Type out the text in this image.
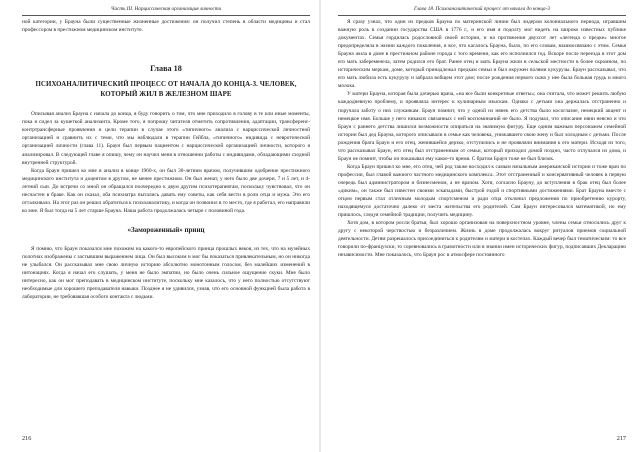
Часть III. Нарциссическая организация личности

ной категории, у Брауна были существенные жизненные достижения: он получил степень в области медицины и стал профессором в престижном медицинском институте.

Глава 18
ПСИХОАНАЛИТИЧЕСКИЙ ПРОЦЕСС ОТ НАЧАЛА ДО КОНЦА-3. ЧЕЛОВЕК, КОТОРЫЙ ЖИЛ В ЖЕЛЕЗНОМ ШАРЕ

Описывая анализ Брауна с начала до конца, я буду говорить о том, что мне приходило в голову в те или иные моменты, пока я сидел за кушеткой анализанта. Кроме того, я попрошу читателя отметить сопротивления, адаптации, трансференс-контртрансферные проявления и цели терапии в случае этого «типичного» анализа с нарциссической личностной организацией и сравнить их с теми, что мы наблюдали в терапии Гейбла, «типичного» индивида с невротической организацией личности (глава 11). Браун был первым пациентом с нарциссической организацией личности, которого я анализировал. В следующей главе я опишу, чему он научил меня в отношении работы с индивидами, обладающими сходной внутренней структурой.

Когда Браун пришел ко мне в анализ в конце 1960-х, он был 30-летним врачом, получившим одобрение престижного медицинского института и доцентом в другом, не менее престижном. Он был женат, у него было две дочери, 7 и 5 лет, и 4-летний сын. До встречи со мной он обращался поочередно к двум другим психотерапевтам, поскольку чувствовал, что он несчастен в браке. Как он сказал, оба психиатра пытались давать ему советы, как себя вести в роли отца и мужа. Это его отталкивало. На этот раз он решил обратиться к психоаналитику, и когда он позвонил в то место, где я работал, его направили ко мне. Я был тогда на 5 лет старше Брауна. Наша работа продолжалась четыре с половиной года.

«Замороженный» принц

Я помню, что Браун показался мне похожим на какого-то европейского принца прошлых веков, из тех, что на музейных полотнах изображены с застывшим выражением лица. Он был высоким и мог бы показаться привлекательным, но он никогда не улыбался. Он рассказывал мне свою личную историю абсолютно монотонным голосом, без малейших изменений в интонациях. Когда я начал его слушать, у меня не было эмпатии, но было очень сильное ощущение скуки. Мне было интересно, как он мог преподавать в медицинском институте, поскольку мне казалось, что у него полностью отсутствуют необходимые для хорошего преподавателя навыки. Позднее я не удивился, узнав, что его основной функцией была работа в лаборатории, не требовавшая особого контакта с людьми.

216
Глава 18. Психоаналитический процесс от начала до конца-3

Я сразу узнал, что один из предков Брауна по материнской линии был лидером колониального периода, игравшим важную роль в создании государства США в 1776 г., и его имя я подолгу мог видеть на широко известных публике документах. Семья гордилась родословной своей истории, и на протяжении двухсот лет «легенда о предке» многое предопределяла в жизни каждого поколения, и все, что касалось Брауна, было, по его словам, взаимосвязано с этим. Семья Брауна жила в доме в престижном районе города с того времени, как его исполнился год. Вскоре после переезда в этот дом его мать забеременела, затем родился его брат. Ранее отец и мать Брауна жили в сельской местности в более скромном, по историческим меркам, доме, который принадлежал предкам семьи и был окружен полями кукурузы. Браун рассказывал, что его мать любила есть кукурузу и забрала вобщем этот дом; после рождения первого сына у нее была больная грудь и много молока.

У матери Брауна, которая была дочерью врача, «на все были конкретные ответы»; она считала, что может решить любую каждодневную проблему, и проявляла интерес к кулинарным изыскам. Однако с детьми она держалась отстраненно и поручала заботу о них служанкам. Браун помнит, что у одной из нянек его детства было косоглазие, немецкий акцент и немецкое имя. Больше у него никаких связанных с ней воспоминаний не было. Я подумал, что описание няни неясно и что Браун с раннего детства лишился возможности опираться на значимую фигуру. Еще одним важным персонажем семейной истории был дед Брауна, которого описывали в семье как человека, унижавшего свою жену и был холодным с детьми. После рождения брата Браун и его отец, женившейся дерзко, отступились и не проявляли внимания к его матери. Исходя из того, что рассказывал Браун, его отец был отстраненным от семьи, который приходил домой поздно, часто отлучался из дома, и Браун не помнит, чтобы он показывал ему какое-то время. С братом Браун тоже не был близок.

Когда Браун пришел ко мне, его отец, чей род также восходил к самым начальным американской истории и тоже врач по профессии, был главой важного частного медицинского комплекса. Этот отстраненный и консервативный человек в первую очередь был администратором и бизнесменом, а не врачом. Хотя, согласно Брауну, до вступления в брак отец был более «диким», он также был известен своими эскападами, быстрой ездой и спортивными достижениями. Брат Брауна вместе с отцом первым стал отличным молодым спортсменом и ради отца отклонил предложения по приобретению курорту, находящемуся достаточно далеко от места жительства его родителей. Сам Браун интересовался математикой, но ему пришлось, следуя семейной традиции, получить медицину.

Хотя дом, в котором росли братья, был хорошо организован на поверхностном уровне, члены семьи относились друг к другу с некоторой черствостью и безразличием. Жизнь в доме продолжалась вокруг ритуалов приемов социальной деятельности. Детям разрешалось присоединиться к родителям и матери в костелах. Каждый вечер был тематическим: то все говорили по-французски, то соревновались в грамотности или в знании имен исторических фигур, подписавших Декларацию независимости. Мне показалось, что Браун рос в атмосфере постоянного

217
